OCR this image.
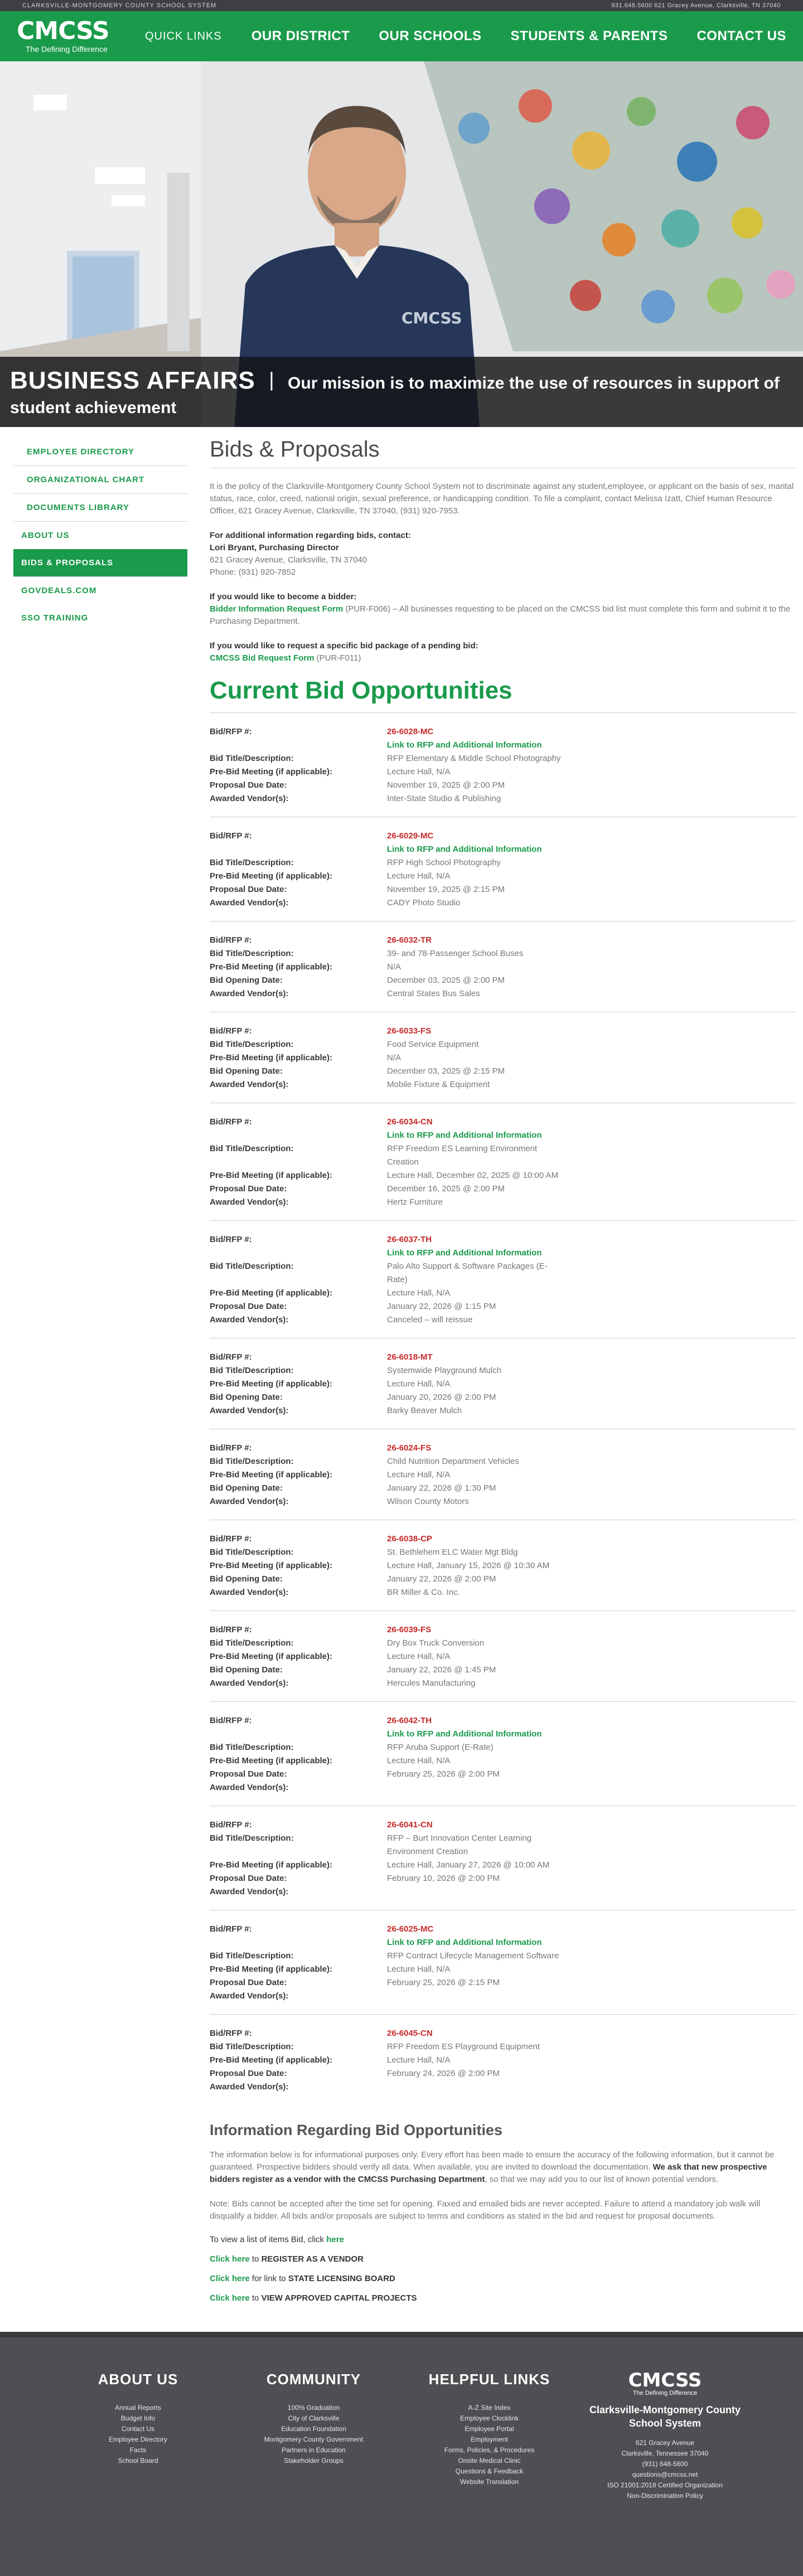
CLARKSVILLE-MONTGOMERY COUNTY SCHOOL SYSTEM	931.648.5600 621 Gracey Avenue, Clarksville, TN 37040
CMCSS
The Defining Difference
QUICK LINKS OUR DISTRICT OUR SCHOOLS STUDENTS & PARENTS CONTACT US
CMCSS
BUSINESS AFFAIRS | Our mission is to maximize the use of resources in support of student achievement
EMPLOYEE DIRECTORY
ORGANIZATIONAL CHART
DOCUMENTS LIBRARY
ABOUT US
BIDS & PROPOSALS
GOVDEALS.COM
SSO TRAINING
Bids & Proposals

It is the policy of the Clarksville-Montgomery County School System not to discriminate against any student,employee, or applicant on the basis of sex, marital status, race, color, creed, national origin, sexual preference, or handicapping condition. To file a complaint, contact Melissa Izatt, Chief Human Resource Officer, 621 Gracey Avenue, Clarksville, TN 37040, (931) 920-7953.

For additional information regarding bids, contact:
Lori Bryant, Purchasing Director
621 Gracey Avenue, Clarksville, TN 37040
Phone: (931) 920-7852
If you would like to become a bidder:
Bidder Information Request Form (PUR-F006) – All businesses requesting to be placed on the CMCSS bid list must complete this form and submit it to the Purchasing Department.
If you would like to request a specific bid package of a pending bid:
CMCSS Bid Request Form (PUR-F011)
Current Bid Opportunities
Bid/RFP #:	26-6028-MC
Link to RFP and Additional Information
Bid Title/Description:	RFP Elementary & Middle School Photography
Pre-Bid Meeting (if applicable):	Lecture Hall, N/A
Proposal Due Date:	November 19, 2025 @ 2:00 PM
Awarded Vendor(s):	Inter-State Studio & Publishing
Bid/RFP #:	26-6029-MC
Link to RFP and Additional Information
Bid Title/Description:	RFP High School Photography
Pre-Bid Meeting (if applicable):	Lecture Hall, N/A
Proposal Due Date:	November 19, 2025 @ 2:15 PM
Awarded Vendor(s):	CADY Photo Studio
Bid/RFP #:	26-6032-TR
Bid Title/Description:	39- and 78-Passenger School Buses
Pre-Bid Meeting (if applicable):	N/A
Bid Opening Date:	December 03, 2025 @ 2:00 PM
Awarded Vendor(s):	Central States Bus Sales
Bid/RFP #:	26-6033-FS
Bid Title/Description:	Food Service Equipment
Pre-Bid Meeting (if applicable):	N/A
Bid Opening Date:	December 03, 2025 @ 2:15 PM
Awarded Vendor(s):	Mobile Fixture & Equipment
Bid/RFP #:	26-6034-CN
Link to RFP and Additional Information
Bid Title/Description:	RFP Freedom ES Learning Environment Creation
Pre-Bid Meeting (if applicable):	Lecture Hall, December 02, 2025 @ 10:00 AM
Proposal Due Date:	December 16, 2025 @ 2:00 PM
Awarded Vendor(s):	Hertz Furniture
Bid/RFP #:	26-6037-TH
Link to RFP and Additional Information
Bid Title/Description:	Palo Alto Support & Software Packages (E-Rate)
Pre-Bid Meeting (if applicable):	Lecture Hall, N/A
Proposal Due Date:	January 22, 2026 @ 1:15 PM
Awarded Vendor(s):	Canceled – will reissue
Bid/RFP #:	26-6018-MT
Bid Title/Description:	Systemwide Playground Mulch
Pre-Bid Meeting (if applicable):	Lecture Hall, N/A
Bid Opening Date:	January 20, 2026 @ 2:00 PM
Awarded Vendor(s):	Barky Beaver Mulch
Bid/RFP #:	26-6024-FS
Bid Title/Description:	Child Nutrition Department Vehicles
Pre-Bid Meeting (if applicable):	Lecture Hall, N/A
Bid Opening Date:	January 22, 2026 @ 1:30 PM
Awarded Vendor(s):	Wilson County Motors
Bid/RFP #:	26-6038-CP
Bid Title/Description:	St. Bethlehem ELC Water Mgt Bldg
Pre-Bid Meeting (if applicable):	Lecture Hall, January 15, 2026 @ 10:30 AM
Bid Opening Date:	January 22, 2026 @ 2:00 PM
Awarded Vendor(s):	BR Miller & Co. Inc.
Bid/RFP #:	26-6039-FS
Bid Title/Description:	Dry Box Truck Conversion
Pre-Bid Meeting (if applicable):	Lecture Hall, N/A
Bid Opening Date:	January 22, 2026 @ 1:45 PM
Awarded Vendor(s):	Hercules Manufacturing
Bid/RFP #:	26-6042-TH
Link to RFP and Additional Information
Bid Title/Description:	RFP Aruba Support (E-Rate)
Pre-Bid Meeting (if applicable):	Lecture Hall, N/A
Proposal Due Date:	February 25, 2026 @ 2:00 PM
Awarded Vendor(s):
Bid/RFP #:	26-6041-CN
Bid Title/Description:	RFP – Burt Innovation Center Learning Environment Creation
Pre-Bid Meeting (if applicable):	Lecture Hall, January 27, 2026 @ 10:00 AM
Proposal Due Date:	February 10, 2026 @ 2:00 PM
Awarded Vendor(s):
Bid/RFP #:	26-6025-MC
Link to RFP and Additional Information
Bid Title/Description:	RFP Contract Lifecycle Management Software
Pre-Bid Meeting (if applicable):	Lecture Hall, N/A
Proposal Due Date:	February 25, 2026 @ 2:15 PM
Awarded Vendor(s):
Bid/RFP #:	26-6045-CN
Bid Title/Description:	RFP Freedom ES Playground Equipment
Pre-Bid Meeting (if applicable):	Lecture Hall, N/A
Proposal Due Date:	February 24, 2026 @ 2:00 PM
Awarded Vendor(s):
Information Regarding Bid Opportunities

The information below is for informational purposes only. Every effort has been made to ensure the accuracy of the following information, but it cannot be guaranteed. Prospective bidders should verify all data. When available, you are invited to download the documentation. We ask that new prospective bidders register as a vendor with the CMCSS Purchasing Department, so that we may add you to our list of known potential vendors.

Note: Bids cannot be accepted after the time set for opening. Faxed and emailed bids are never accepted. Failure to attend a mandatory job walk will disqualify a bidder. All bids and/or proposals are subject to terms and conditions as stated in the bid and request for proposal documents.

To view a list of items Bid, click here

Click here to REGISTER AS A VENDOR

Click here for link to STATE LICENSING BOARD

Click here to VIEW APPROVED CAPITAL PROJECTS

ABOUT US
Annual Reports
Budget Info
Contact Us
Employee Directory
Facts
School Board
COMMUNITY
100% Graduation
City of Clarksville
Education Foundation
Montgomery County Government
Partners in Education
Stakeholder Groups
HELPFUL LINKS
A-Z Site Index
Employee Clocklink
Employee Portal
Employment
Forms, Policies, & Procedures
Onsite Medical Clinic
Questions & Feedback
Website Translation
CMCSS
The Defining Difference
Clarksville-Montgomery County School System
621 Gracey Avenue
Clarksville, Tennessee 37040
(931) 648-5600
questions@cmcss.net
ISO 21001:2018 Certified Organization
Non-Discrimination Policy
